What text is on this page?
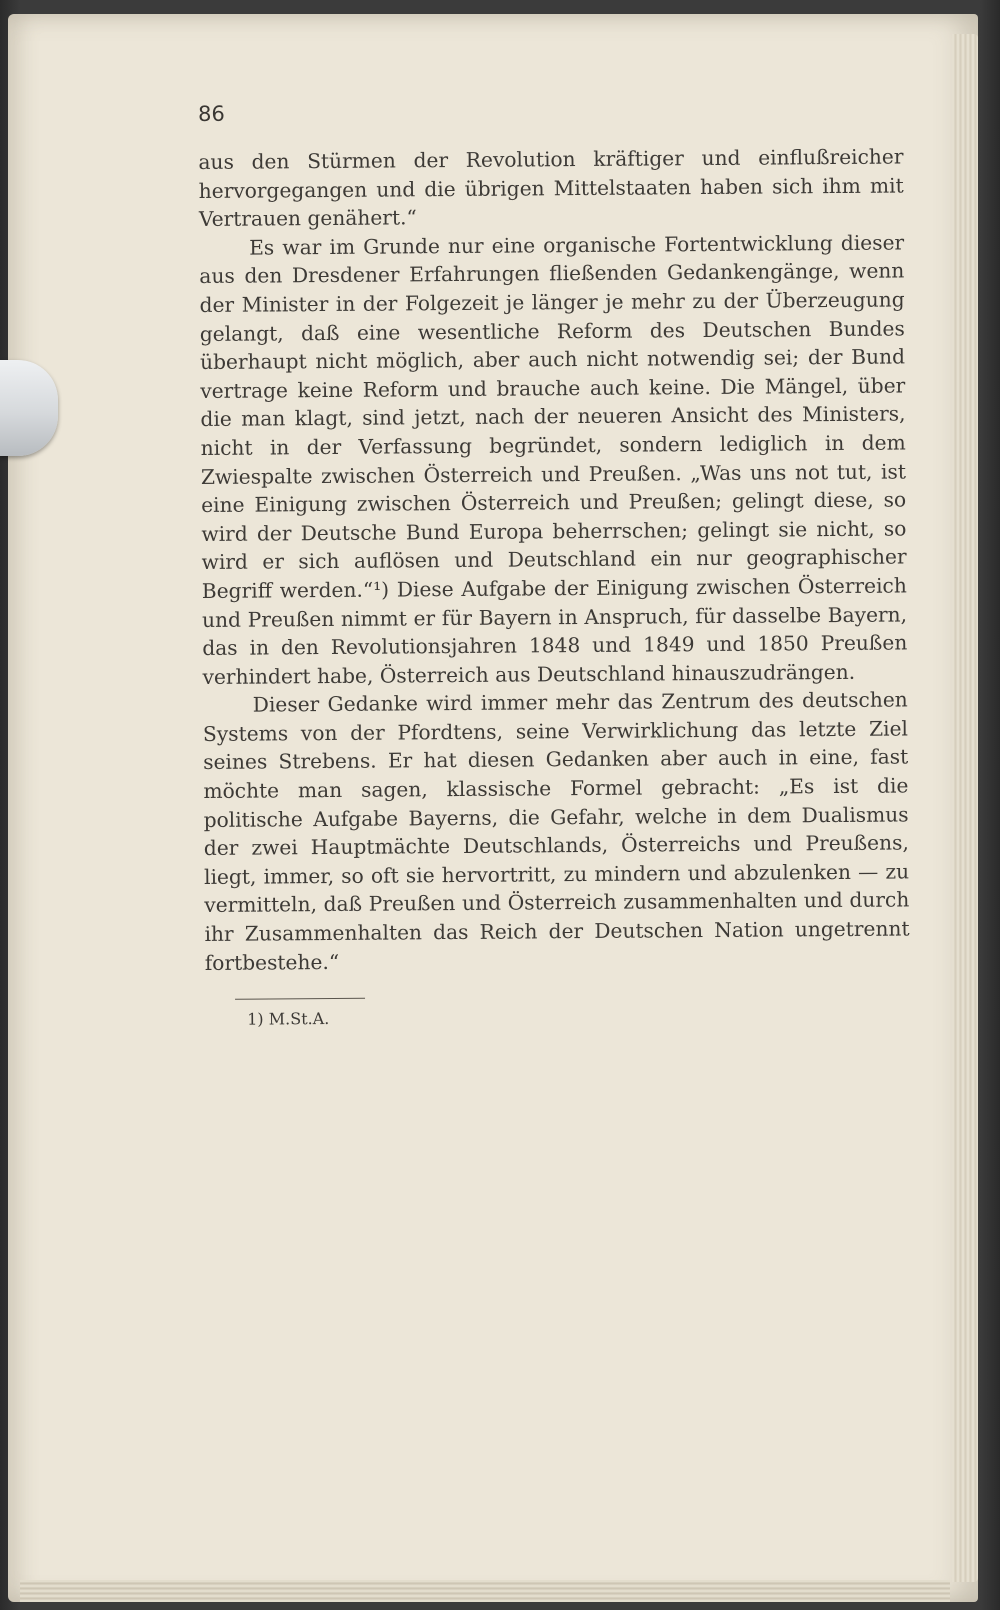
86

aus den Stürmen der Revolution kräftiger und einflußreicher hervorgegangen und die übrigen Mittelstaaten haben sich ihm mit Vertrauen genähert.“

Es war im Grunde nur eine organische Fortentwicklung dieser aus den Dresdener Erfahrungen fließenden Gedankengänge, wenn der Minister in der Folgezeit je länger je mehr zu der Überzeugung gelangt, daß eine wesentliche Reform des Deutschen Bundes überhaupt nicht möglich, aber auch nicht notwendig sei; der Bund vertrage keine Reform und brauche auch keine. Die Mängel, über die man klagt, sind jetzt, nach der neueren Ansicht des Ministers, nicht in der Verfassung begründet, sondern lediglich in dem Zwiespalte zwischen Österreich und Preußen. „Was uns not tut, ist eine Einigung zwischen Österreich und Preußen; gelingt diese, so wird der Deutsche Bund Europa beherrschen; gelingt sie nicht, so wird er sich auflösen und Deutschland ein nur geographischer Begriff werden.“¹) Diese Aufgabe der Einigung zwischen Österreich und Preußen nimmt er für Bayern in Anspruch, für dasselbe Bayern, das in den Revolutionsjahren 1848 und 1849 und 1850 Preußen verhindert habe, Österreich aus Deutschland hinauszudrängen.

Dieser Gedanke wird immer mehr das Zentrum des deutschen Systems von der Pfordtens, seine Verwirklichung das letzte Ziel seines Strebens. Er hat diesen Gedanken aber auch in eine, fast möchte man sagen, klassische Formel gebracht: „Es ist die politische Aufgabe Bayerns, die Gefahr, welche in dem Dualismus der zwei Hauptmächte Deutschlands, Österreichs und Preußens, liegt, immer, so oft sie hervortritt, zu mindern und abzulenken — zu vermitteln, daß Preußen und Österreich zusammenhalten und durch ihr Zusammenhalten das Reich der Deutschen Nation ungetrennt fortbestehe.“

1) M.St.A.
